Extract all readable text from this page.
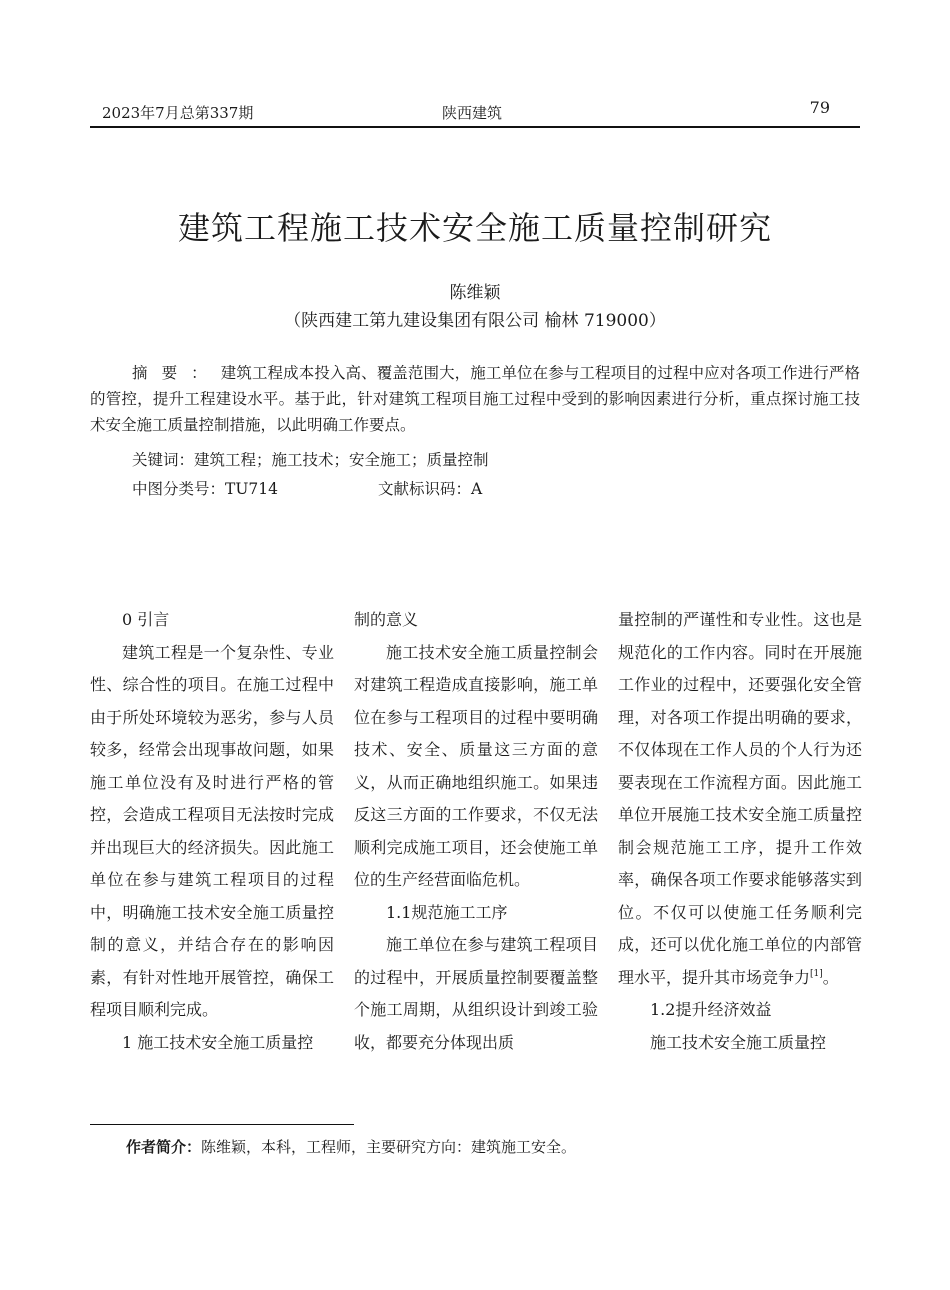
2023年7月总第337期	陕西建筑	79
建筑工程施工技术安全施工质量控制研究
陈维颖
（陕西建工第九建设集团有限公司 榆林 719000）
摘要：建筑工程成本投入高、覆盖范围大，施工单位在参与工程项目的过程中应对各项工作进行严格的管控，提升工程建设水平。基于此，针对建筑工程项目施工过程中受到的影响因素进行分析，重点探讨施工技术安全施工质量控制措施，以此明确工作要点。
关键词：建筑工程；施工技术；安全施工；质量控制
中图分类号：TU714	文献标识码：A

0 引言

建筑工程是一个复杂性、专业性、综合性的项目。在施工过程中由于所处环境较为恶劣，参与人员较多，经常会出现事故问题，如果施工单位没有及时进行严格的管控，会造成工程项目无法按时完成并出现巨大的经济损失。因此施工单位在参与建筑工程项目的过程中，明确施工技术安全施工质量控制的意义，并结合存在的影响因素，有针对性地开展管控，确保工程项目顺利完成。

1 施工技术安全施工质量控

制的意义

施工技术安全施工质量控制会对建筑工程造成直接影响，施工单位在参与工程项目的过程中要明确技术、安全、质量这三方面的意义，从而正确地组织施工。如果违反这三方面的工作要求，不仅无法顺利完成施工项目，还会使施工单位的生产经营面临危机。

1.1规范施工工序

施工单位在参与建筑工程项目的过程中，开展质量控制要覆盖整个施工周期，从组织设计到竣工验收，都要充分体现出质

量控制的严谨性和专业性。这也是规范化的工作内容。同时在开展施工作业的过程中，还要强化安全管理，对各项工作提出明确的要求，不仅体现在工作人员的个人行为还要表现在工作流程方面。因此施工单位开展施工技术安全施工质量控制会规范施工工序，提升工作效率，确保各项工作要求能够落实到位。不仅可以使施工任务顺利完成，还可以优化施工单位的内部管理水平，提升其市场竞争力[1]。

1.2提升经济效益

施工技术安全施工质量控

作者简介：陈维颖，本科，工程师，主要研究方向：建筑施工安全。
